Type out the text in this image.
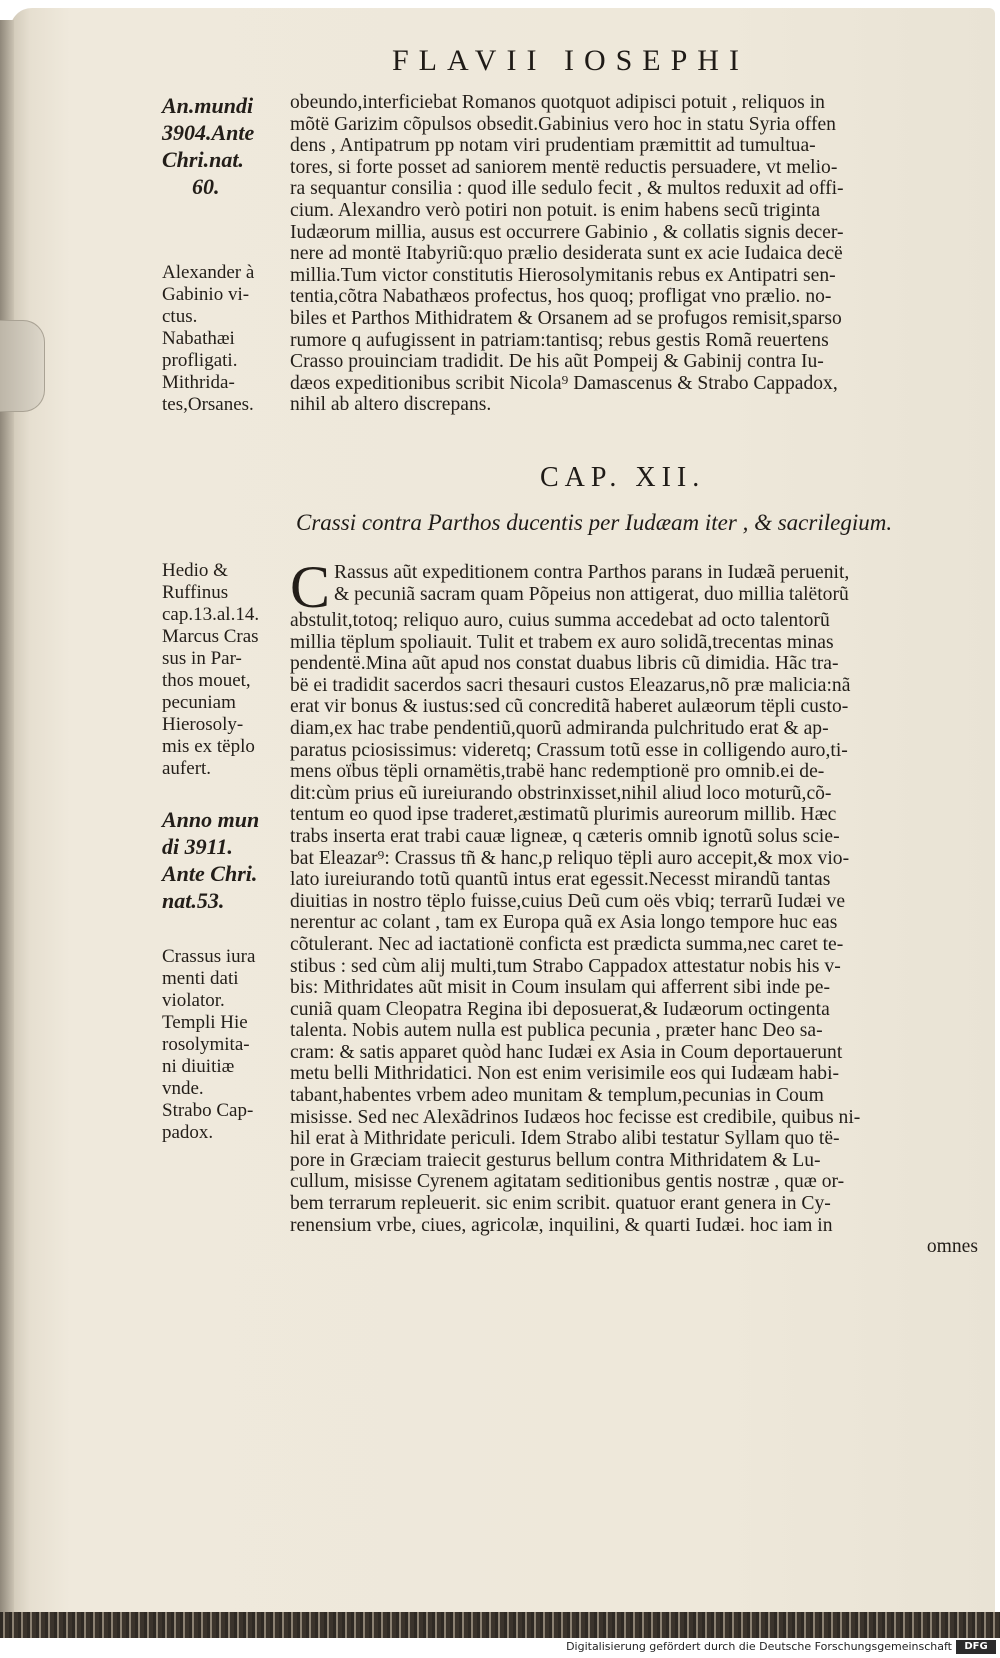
FLAVII IOSEPHI
An.mundi
3904.Ante
Chri.nat.
60.
Alexander à
Gabinio vi-
ctus.
Nabathæi
profligati.
Mithrida-
tes,Orsanes.
obeundo,interficiebat Romanos quotquot adipisci potuit , reliquos in
mõtë Garizim cõpulsos obsedit.Gabinius vero hoc in statu Syria offen
dens , Antipatrum pp notam viri prudentiam præmittit ad tumultua-
tores, si forte posset ad saniorem mentë reductis persuadere, vt melio-
ra sequantur consilia : quod ille sedulo fecit , & multos reduxit ad offi-
cium. Alexandro verò potiri non potuit. is enim habens secũ triginta
Iudæorum millia, ausus est occurrere Gabinio , & collatis signis decer-
nere ad montë Itabyriũ:quo prælio desiderata sunt ex acie Iudaica decë
millia.Tum victor constitutis Hierosolymitanis rebus ex Antipatri sen-
tentia,cõtra Nabathæos profectus, hos quoq; profligat vno prælio. no-
biles et Parthos Mithidratem & Orsanem ad se profugos remisit,sparso
rumore q aufugissent in patriam:tantisq; rebus gestis Romã reuertens
Crasso prouinciam tradidit. De his aũt Pompeij & Gabinij contra Iu-
dæos expeditionibus scribit Nicola⁹ Damascenus & Strabo Cappadox,
nihil ab altero discrepans.
CAP. XII.
Crassi contra Parthos ducentis per Iudæam iter , & sacrilegium.
Hedio &
Ruffinus
cap.13.al.14.
Marcus Cras
sus in Par-
thos mouet,
pecuniam
Hierosoly-
mis ex tëplo
aufert.
Anno mun
di 3911.
Ante Chri.
nat.53.
Crassus iura
menti dati
violator.
Templi Hie
rosolymita-
ni diuitiæ
vnde.
Strabo Cap-
padox.
C Rassus aũt expeditionem contra Parthos parans in Iudæã peruenit,
& pecuniã sacram quam Põpeius non attigerat, duo millia talëtorũ
abstulit,totoq; reliquo auro, cuius summa accedebat ad octo talentorũ
millia tëplum spoliauit. Tulit et trabem ex auro solidã,trecentas minas
pendentë.Mina aũt apud nos constat duabus libris cũ dimidia. Hãc tra-
bë ei tradidit sacerdos sacri thesauri custos Eleazarus,nõ præ malicia:nã
erat vir bonus & iustus:sed cũ concreditã haberet aulæorum tëpli custo-
diam,ex hac trabe pendentiũ,quorũ admiranda pulchritudo erat & ap-
paratus pciosissimus: videretq; Crassum totũ esse in colligendo auro,ti-
mens oïbus tëpli ornamëtis,trabë hanc redemptionë pro omnib.ei de-
dit:cùm prius eũ iureiurando obstrinxisset,nihil aliud loco moturũ,cõ-
tentum eo quod ipse traderet,æstimatũ plurimis aureorum millib. Hæc
trabs inserta erat trabi cauæ ligneæ, q cæteris omnib ignotũ solus scie-
bat Eleazar⁹: Crassus tñ & hanc,p reliquo tëpli auro accepit,& mox vio-
lato iureiurando totũ quantũ intus erat egessit.Necesst mirandũ tantas
diuitias in nostro tëplo fuisse,cuius Deũ cum oës vbiq; terrarũ Iudæi ve
nerentur ac colant , tam ex Europa quã ex Asia longo tempore huc eas
cõtulerant. Nec ad iactationë conficta est prædicta summa,nec caret te-
stibus : sed cùm alij multi,tum Strabo Cappadox attestatur nobis his v-
bis: Mithridates aũt misit in Coum insulam qui afferrent sibi inde pe-
cuniã quam Cleopatra Regina ibi deposuerat,& Iudæorum octingenta
talenta. Nobis autem nulla est publica pecunia , præter hanc Deo sa-
cram: & satis apparet quòd hanc Iudæi ex Asia in Coum deportauerunt
metu belli Mithridatici. Non est enim verisimile eos qui Iudæam habi-
tabant,habentes vrbem adeo munitam & templum,pecunias in Coum
misisse. Sed nec Alexãdrinos Iudæos hoc fecisse est credibile, quibus ni-
hil erat à Mithridate periculi. Idem Strabo alibi testatur Syllam quo të-
pore in Græciam traiecit gesturus bellum contra Mithridatem & Lu-
cullum, misisse Cyrenem agitatam seditionibus gentis nostræ , quæ or-
bem terrarum repleuerit. sic enim scribit. quatuor erant genera in Cy-
renensium vrbe, ciues, agricolæ, inquilini, & quarti Iudæi. hoc iam in
omnes
Digitalisierung gefördert durch die Deutsche Forschungsgemeinschaft	DFG
